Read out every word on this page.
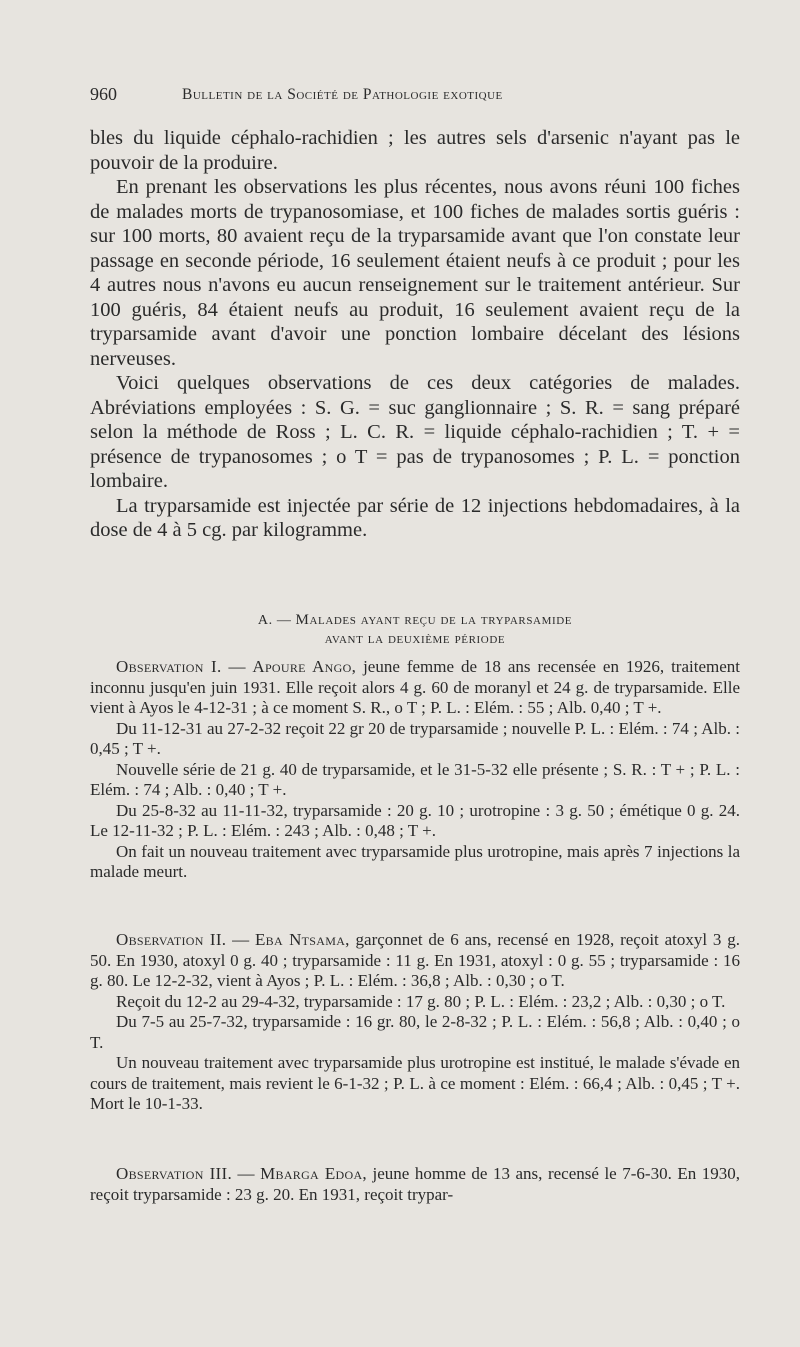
960	Bulletin de la Société de Pathologie exotique

bles du liquide céphalo-rachidien ; les autres sels d'arsenic n'ayant pas le pouvoir de la produire.

En prenant les observations les plus récentes, nous avons réuni 100 fiches de malades morts de trypanosomiase, et 100 fiches de malades sortis guéris : sur 100 morts, 80 avaient reçu de la tryparsamide avant que l'on constate leur passage en seconde période, 16 seulement étaient neufs à ce produit ; pour les 4 autres nous n'avons eu aucun renseignement sur le traitement antérieur. Sur 100 guéris, 84 étaient neufs au produit, 16 seulement avaient reçu de la tryparsamide avant d'avoir une ponction lombaire décelant des lésions nerveuses.

Voici quelques observations de ces deux catégories de malades. Abréviations employées : S. G. = suc ganglionnaire ; S. R. = sang préparé selon la méthode de Ross ; L. C. R. = liquide céphalo-rachidien ; T. + = présence de trypanosomes ; o T = pas de trypanosomes ; P. L. = ponction lombaire.

La tryparsamide est injectée par série de 12 injections hebdomadaires, à la dose de 4 à 5 cg. par kilogramme.

A. — Malades ayant reçu de la tryparsamide
avant la deuxième période

Observation I. — Apoure Ango, jeune femme de 18 ans recensée en 1926, traitement inconnu jusqu'en juin 1931. Elle reçoit alors 4 g. 60 de moranyl et 24 g. de tryparsamide. Elle vient à Ayos le 4-12-31 ; à ce moment S. R., o T ; P. L. : Elém. : 55 ; Alb. 0,40 ; T +.

Du 11-12-31 au 27-2-32 reçoit 22 gr 20 de tryparsamide ; nouvelle P. L. : Elém. : 74 ; Alb. : 0,45 ; T +.

Nouvelle série de 21 g. 40 de tryparsamide, et le 31-5-32 elle présente ; S. R. : T + ; P. L. : Elém. : 74 ; Alb. : 0,40 ; T +.

Du 25-8-32 au 11-11-32, tryparsamide : 20 g. 10 ; urotropine : 3 g. 50 ; émétique 0 g. 24. Le 12-11-32 ; P. L. : Elém. : 243 ; Alb. : 0,48 ; T +.

On fait un nouveau traitement avec tryparsamide plus urotropine, mais après 7 injections la malade meurt.

Observation II. — Eba Ntsama, garçonnet de 6 ans, recensé en 1928, reçoit atoxyl 3 g. 50. En 1930, atoxyl 0 g. 40 ; tryparsamide : 11 g. En 1931, atoxyl : 0 g. 55 ; tryparsamide : 16 g. 80. Le 12-2-32, vient à Ayos ; P. L. : Elém. : 36,8 ; Alb. : 0,30 ; o T.

Reçoit du 12-2 au 29-4-32, tryparsamide : 17 g. 80 ; P. L. : Elém. : 23,2 ; Alb. : 0,30 ; o T.

Du 7-5 au 25-7-32, tryparsamide : 16 gr. 80, le 2-8-32 ; P. L. : Elém. : 56,8 ; Alb. : 0,40 ; o T.

Un nouveau traitement avec tryparsamide plus urotropine est institué, le malade s'évade en cours de traitement, mais revient le 6-1-32 ; P. L. à ce moment : Elém. : 66,4 ; Alb. : 0,45 ; T +. Mort le 10-1-33.

Observation III. — Mbarga Edoa, jeune homme de 13 ans, recensé le 7-6-30. En 1930, reçoit tryparsamide : 23 g. 20. En 1931, reçoit trypar-
